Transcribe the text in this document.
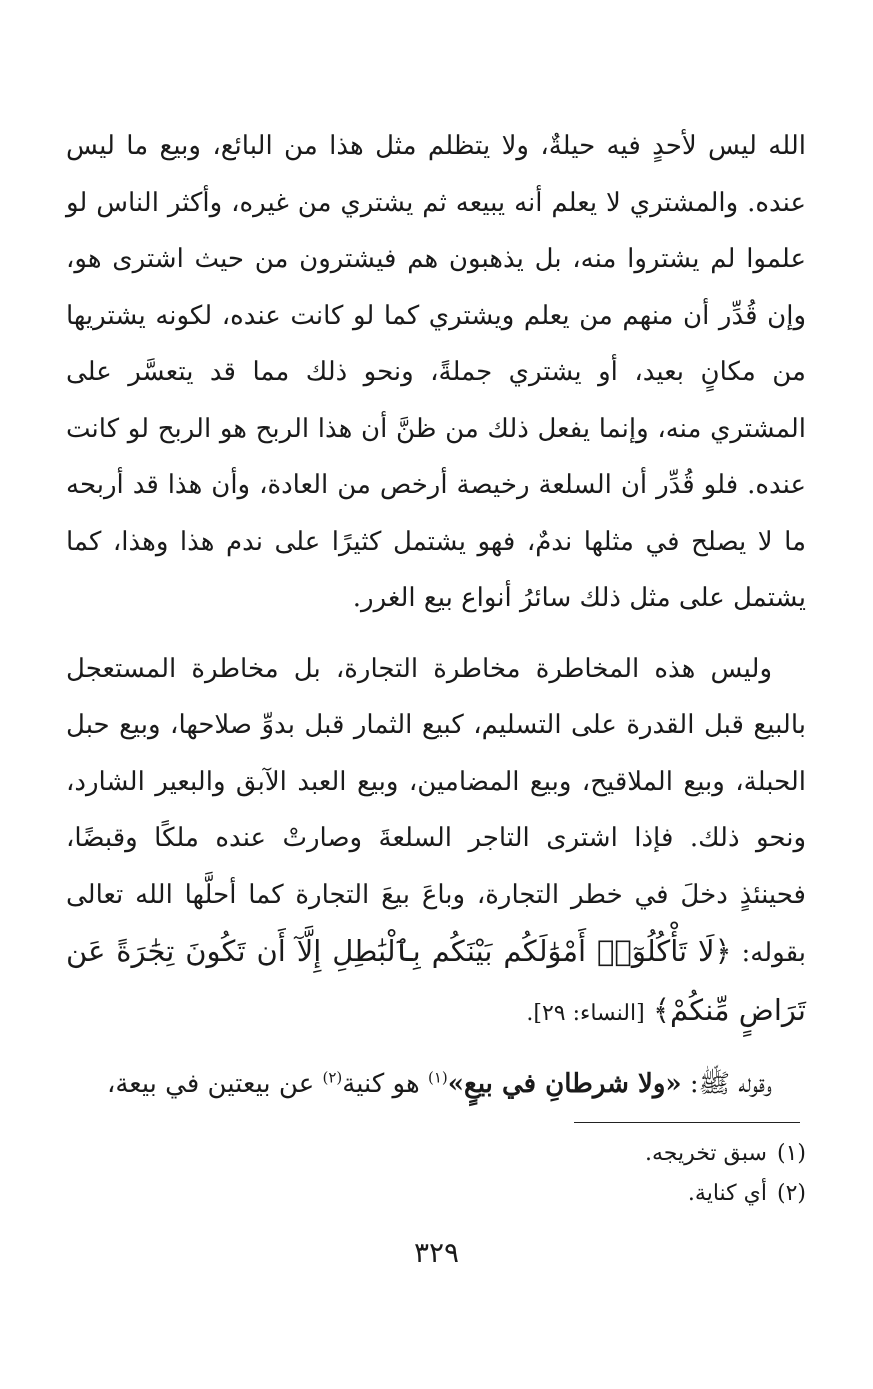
الله ليس لأحدٍ فيه حيلةٌ، ولا يتظلم مثل هذا من البائع، وبيع ما ليس عنده. والمشتري لا يعلم أنه يبيعه ثم يشتري من غيره، وأكثر الناس لو علموا لم يشتروا منه، بل يذهبون هم فيشترون من حيث اشترى هو، وإن قُدِّر أن منهم من يعلم ويشتري كما لو كانت عنده، لكونه يشتريها من مكانٍ بعيد، أو يشتري جملةً، ونحو ذلك مما قد يتعسَّر على المشتري منه، وإنما يفعل ذلك من ظنَّ أن هذا الربح هو الربح لو كانت عنده. فلو قُدِّر أن السلعة رخيصة أرخص من العادة، وأن هذا قد أربحه ما لا يصلح في مثلها ندمٌ، فهو يشتمل كثيرًا على ندم هذا وهذا، كما يشتمل على مثل ذلك سائرُ أنواع بيع الغرر.

وليس هذه المخاطرة مخاطرة التجارة، بل مخاطرة المستعجل بالبيع قبل القدرة على التسليم، كبيع الثمار قبل بدوِّ صلاحها، وبيع حبل الحبلة، وبيع الملاقيح، وبيع المضامين، وبيع العبد الآبق والبعير الشارد، ونحو ذلك. فإذا اشترى التاجر السلعةَ وصارتْ عنده ملكًا وقبضًا، فحينئذٍ دخلَ في خطر التجارة، وباعَ بيعَ التجارة كما أحلَّها الله تعالى بقوله: ﴿لَا تَأْكُلُوٓا۟ أَمْوَٰلَكُم بَيْنَكُم بِٱلْبَٰطِلِ إِلَّآ أَن تَكُونَ تِجَٰرَةً عَن تَرَاضٍ مِّنكُمْ﴾ [النساء: ٢٩].

وقوله ﷺ: «ولا شرطانِ في بيعٍ»$^{(١)}$ هو كنية$^{(٢)}$ عن بيعتين في بيعة،

(١)سبق تخريجه.

(٢)أي كناية.

٣٢٩
